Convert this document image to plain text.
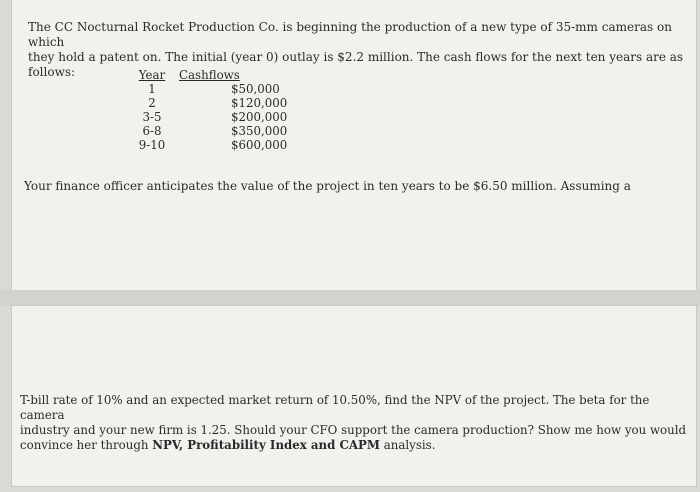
The CC Nocturnal Rocket Production Co. is beginning the production of a new type of 35-mm cameras on which
they hold a patent on. The initial (year 0) outlay is $2.2 million. The cash flows for the next ten years are as follows:	Year	Cashflows
1	$50,000
2	$120,000
3-5	$200,000
6-8	$350,000
9-10	$600,000

Your finance officer anticipates the value of the project in ten years to be $6.50 million. Assuming a

T-bill rate of 10% and an expected market return of 10.50%, find the NPV of the project. The beta for the camera
industry and your new firm is 1.25. Should your CFO support the camera production? Show me how you would
convince her through NPV, Profitability Index and CAPM analysis.
